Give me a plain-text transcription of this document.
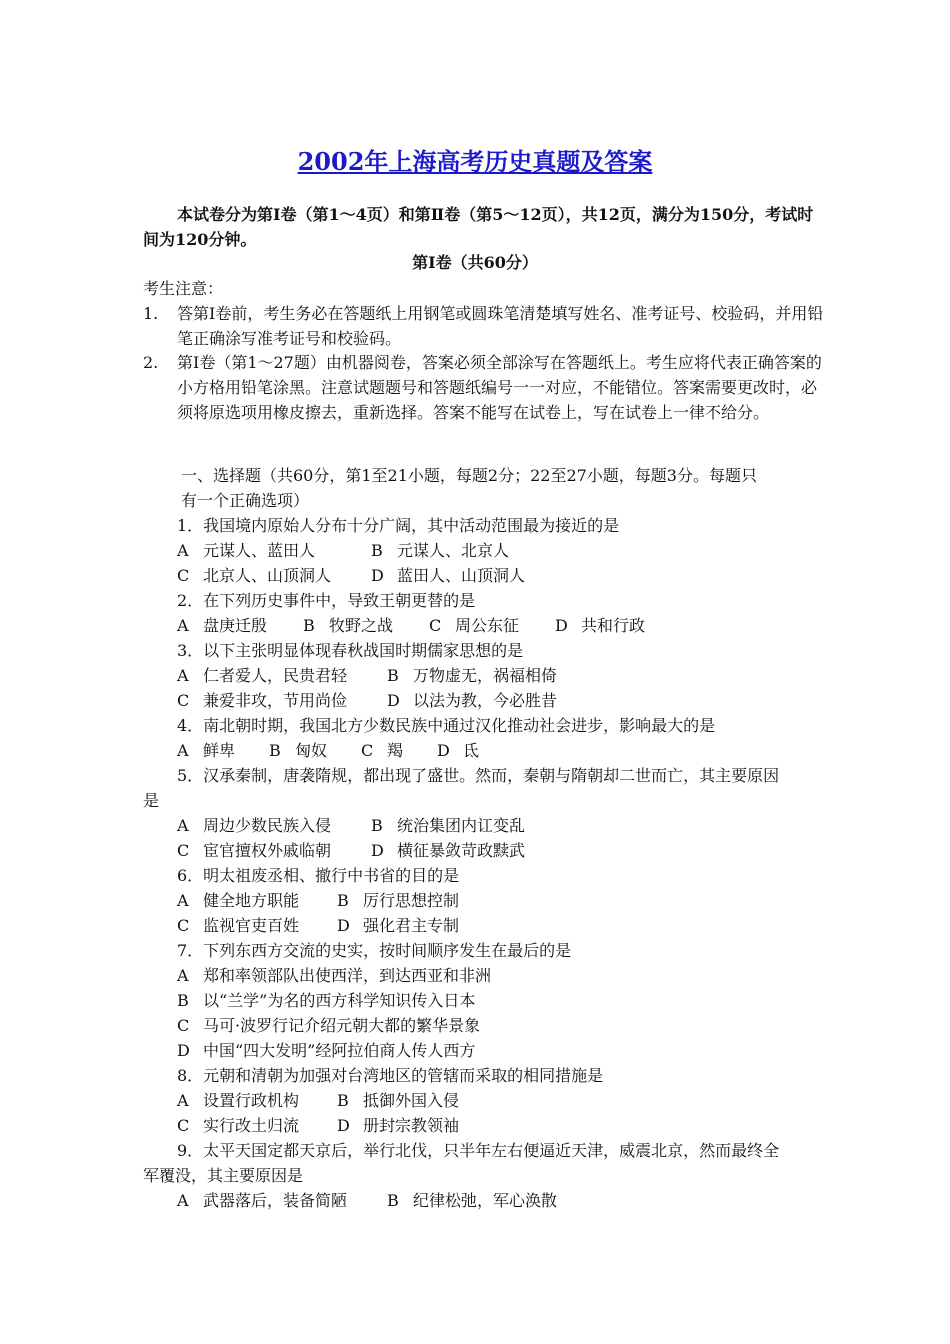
2002年上海高考历史真题及答案
本试卷分为第Ⅰ卷（第1～4页）和第Ⅱ卷（第5～12页），共12页，满分为150分，考试时间为120分钟。
第Ⅰ卷（共60分）
考生注意：
1. 答第Ⅰ卷前，考生务必在答题纸上用钢笔或圆珠笔清楚填写姓名、准考证号、校验码，并用铅笔正确涂写准考证号和校验码。
2. 第Ⅰ卷（第1～27题）由机器阅卷，答案必须全部涂写在答题纸上。考生应将代表正确答案的小方格用铅笔涂黑。注意试题题号和答题纸编号一一对应，不能错位。答案需要更改时，必须将原选项用橡皮擦去，重新选择。答案不能写在试卷上，写在试卷上一律不给分。
一、选择题（共60分，第1至21小题，每题2分；22至27小题，每题3分。每题只
有一个正确选项）
1．我国境内原始人分布十分广阔，其中活动范围最为接近的是
A 元谋人、蓝田人	B 元谋人、北京人
C 北京人、山顶洞人 D 蓝田人、山顶洞人
2．在下列历史事件中，导致王朝更替的是
A 盘庚迁殷 B 牧野之战 C 周公东征 D 共和行政
3．以下主张明显体现春秋战国时期儒家思想的是
A 仁者爱人，民贵君轻 B 万物虚无，祸福相倚
C 兼爱非攻，节用尚俭 D 以法为教，今必胜昔
4．南北朝时期，我国北方少数民族中通过汉化推动社会进步，影响最大的是
A 鲜卑 B 匈奴 C 羯 D 氐
5．汉承秦制，唐袭隋规，都出现了盛世。然而，秦朝与隋朝却二世而亡，其主要原因
是
A 周边少数民族入侵 B 统治集团内讧变乱
C 宦官擅权外戚临朝 D 横征暴敛苛政黩武
6．明太祖废丞相、撤行中书省的目的是
A 健全地方职能 B 厉行思想控制
C 监视官吏百姓 D 强化君主专制
7．下列东西方交流的史实，按时间顺序发生在最后的是
A 郑和率领部队出使西洋，到达西亚和非洲
B 以“兰学”为名的西方科学知识传入日本
C 马可·波罗行记介绍元朝大都的繁华景象
D 中国“四大发明”经阿拉伯商人传人西方
8．元朝和清朝为加强对台湾地区的管辖而采取的相同措施是
A 设置行政机构 B 抵御外国入侵
C 实行改土归流 D 册封宗教领袖
9．太平天国定都天京后，举行北伐，只半年左右便逼近天津，威震北京，然而最终全
军覆没，其主要原因是
A 武器落后，装备简陋 B 纪律松弛，军心涣散
